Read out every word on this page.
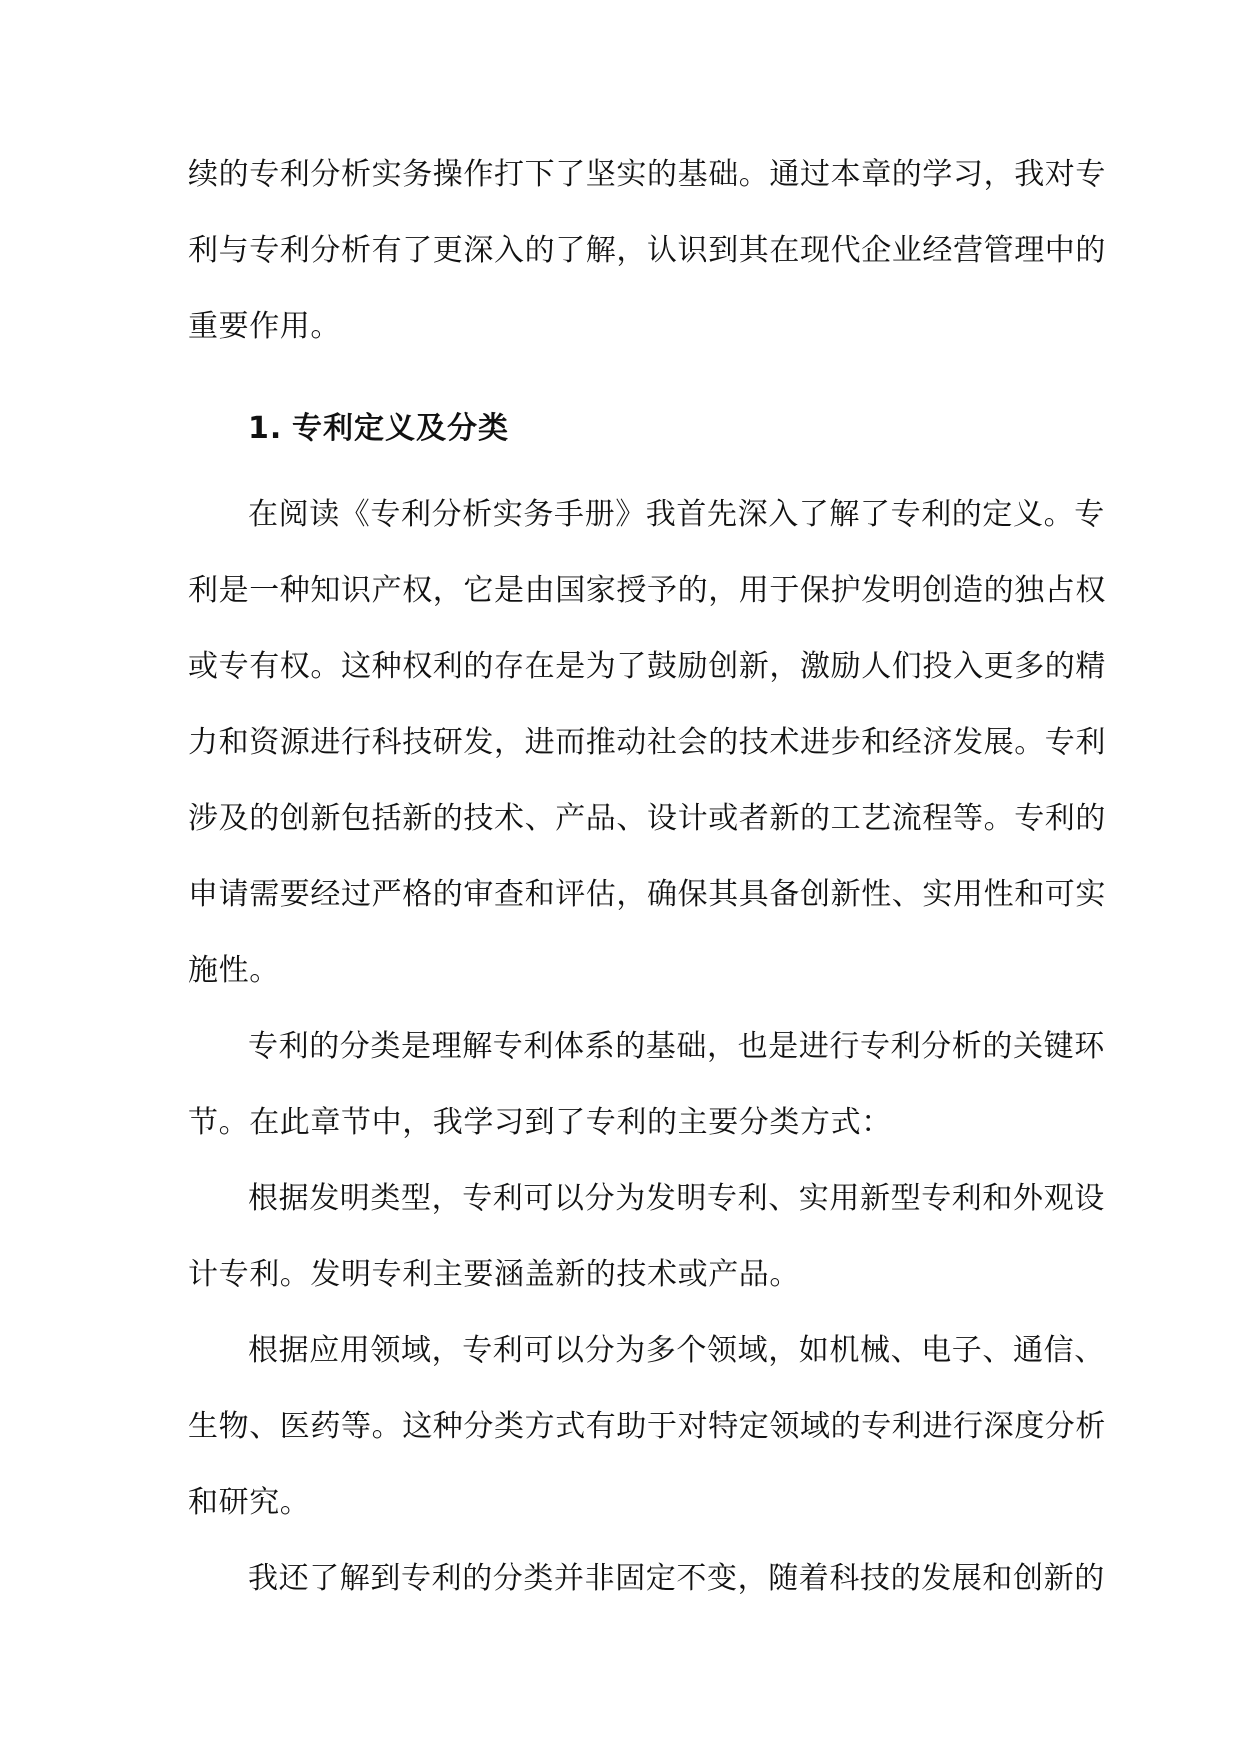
续的专利分析实务操作打下了坚实的基础。通过本章的学习，我对专
利与专利分析有了更深入的了解，认识到其在现代企业经营管理中的
重要作用。
1. 专利定义及分类
在阅读《专利分析实务手册》我首先深入了解了专利的定义。专
利是一种知识产权，它是由国家授予的，用于保护发明创造的独占权
或专有权。这种权利的存在是为了鼓励创新，激励人们投入更多的精
力和资源进行科技研发，进而推动社会的技术进步和经济发展。专利
涉及的创新包括新的技术、产品、设计或者新的工艺流程等。专利的
申请需要经过严格的审查和评估，确保其具备创新性、实用性和可实
施性。
专利的分类是理解专利体系的基础，也是进行专利分析的关键环
节。在此章节中，我学习到了专利的主要分类方式：
根据发明类型，专利可以分为发明专利、实用新型专利和外观设
计专利。发明专利主要涵盖新的技术或产品。
根据应用领域，专利可以分为多个领域，如机械、电子、通信、
生物、医药等。这种分类方式有助于对特定领域的专利进行深度分析
和研究。
我还了解到专利的分类并非固定不变，随着科技的发展和创新的
